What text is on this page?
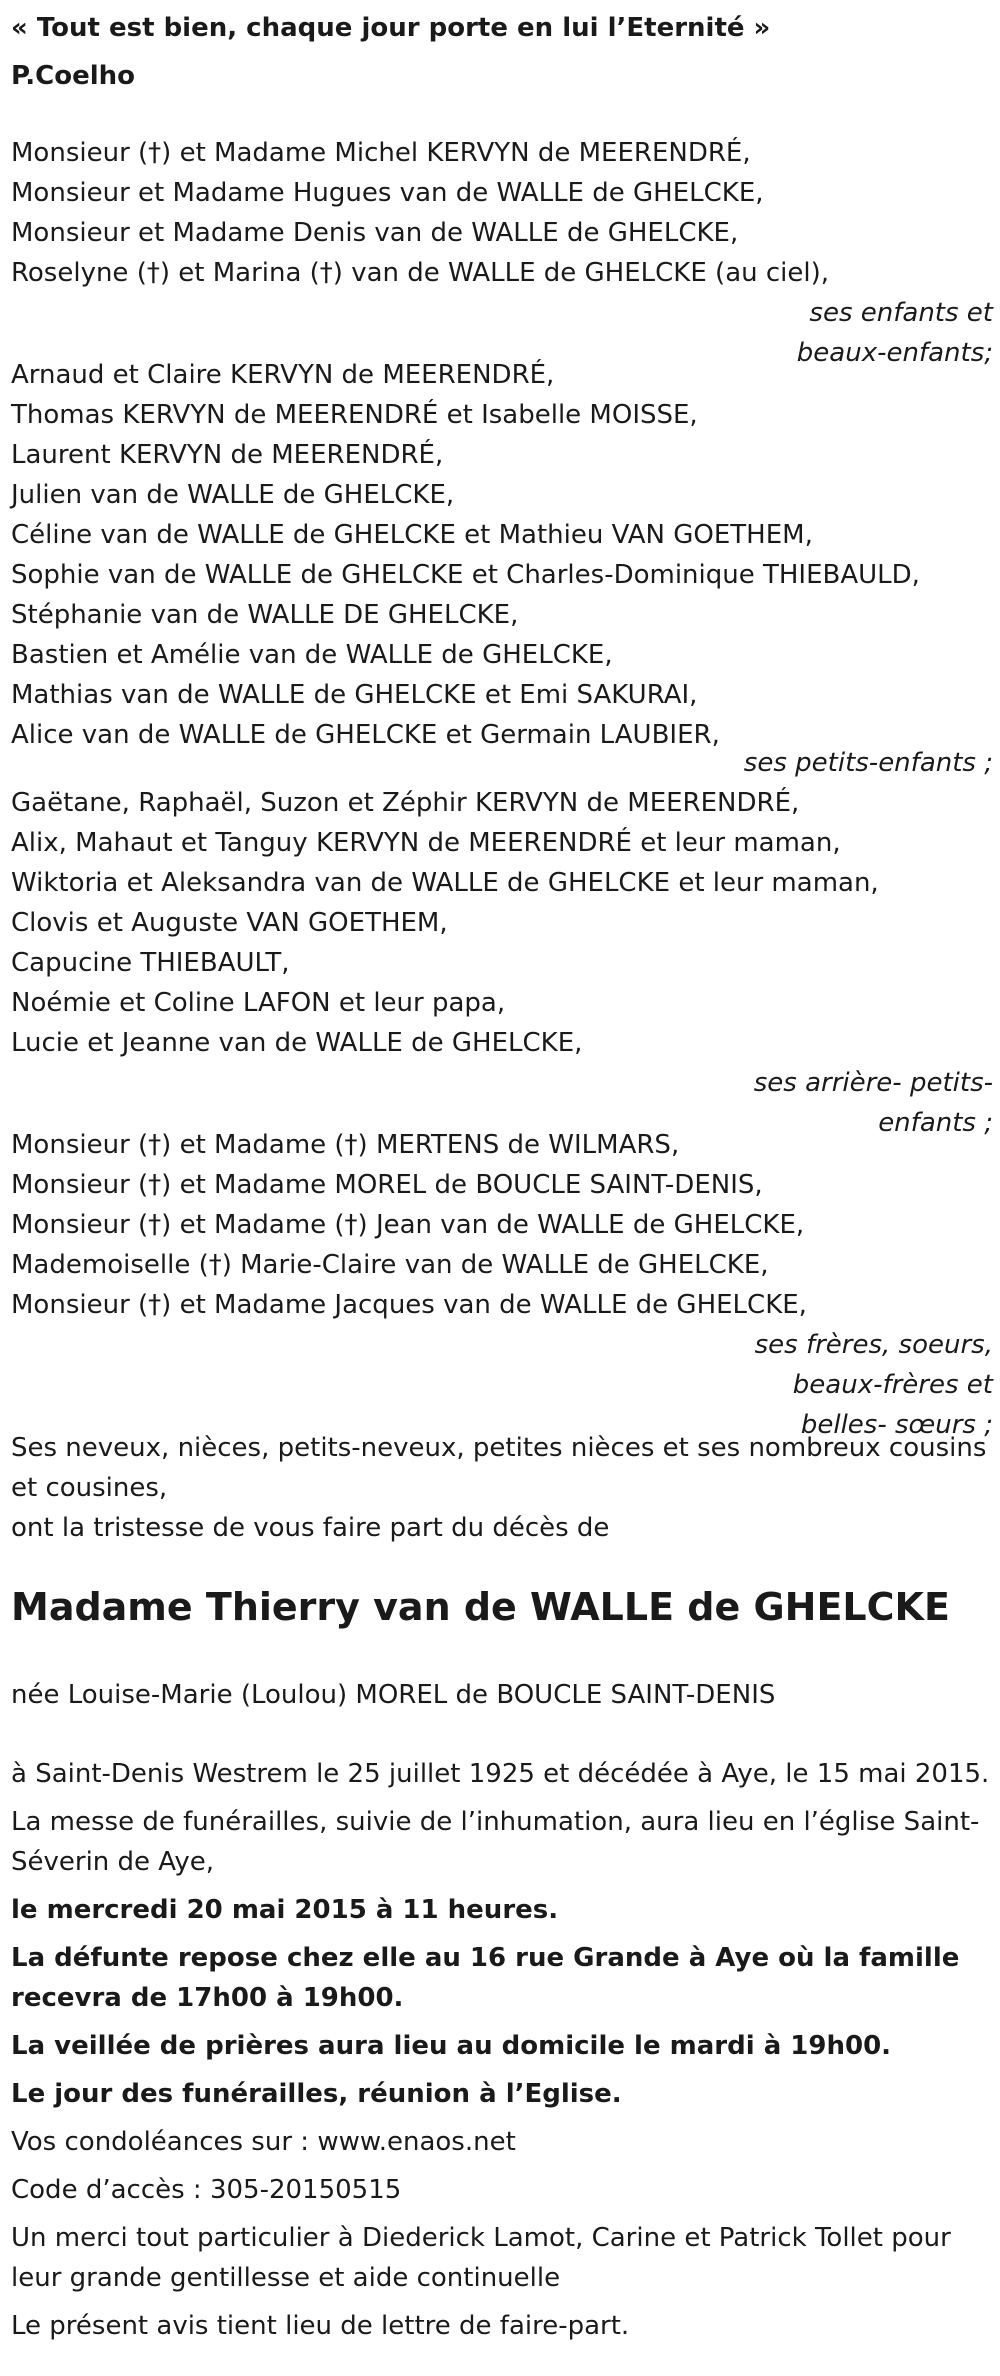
« Tout est bien, chaque jour porte en lui l’Eternité »
P.Coelho
Monsieur (†) et Madame Michel KERVYN de MEERENDRÉ,
Monsieur et Madame Hugues van de WALLE de GHELCKE,
Monsieur et Madame Denis van de WALLE de GHELCKE,
Roselyne (†) et Marina (†) van de WALLE de GHELCKE (au ciel),
ses enfants et
beaux-enfants;
Arnaud et Claire KERVYN de MEERENDRÉ,
Thomas KERVYN de MEERENDRÉ et Isabelle MOISSE,
Laurent KERVYN de MEERENDRÉ,
Julien van de WALLE de GHELCKE,
Céline van de WALLE de GHELCKE et Mathieu VAN GOETHEM,
Sophie van de WALLE de GHELCKE et Charles-Dominique THIEBAULD,
Stéphanie van de WALLE DE GHELCKE,
Bastien et Amélie van de WALLE de GHELCKE,
Mathias van de WALLE de GHELCKE et Emi SAKURAI,
Alice van de WALLE de GHELCKE et Germain LAUBIER,
ses petits-enfants ;
Gaëtane, Raphaël, Suzon et Zéphir KERVYN de MEERENDRÉ,
Alix, Mahaut et Tanguy KERVYN de MEERENDRÉ et leur maman,
Wiktoria et Aleksandra van de WALLE de GHELCKE et leur maman,
Clovis et Auguste VAN GOETHEM,
Capucine THIEBAULT,
Noémie et Coline LAFON et leur papa,
Lucie et Jeanne van de WALLE de GHELCKE,
ses arrière- petits-
enfants ;
Monsieur (†) et Madame (†) MERTENS de WILMARS,
Monsieur (†) et Madame MOREL de BOUCLE SAINT-DENIS,
Monsieur (†) et Madame (†) Jean van de WALLE de GHELCKE,
Mademoiselle (†) Marie-Claire van de WALLE de GHELCKE,
Monsieur (†) et Madame Jacques van de WALLE de GHELCKE,
ses frères, soeurs,
beaux-frères et
belles- sœurs ;
Ses neveux, nièces, petits-neveux, petites nièces et ses nombreux cousins
et cousines,
ont la tristesse de vous faire part du décès de
Madame Thierry van de WALLE de GHELCKE
née Louise-Marie (Loulou) MOREL de BOUCLE SAINT-DENIS
à Saint-Denis Westrem le 25 juillet 1925 et décédée à Aye, le 15 mai 2015.
La messe de funérailles, suivie de l’inhumation, aura lieu en l’église Saint-
Séverin de Aye,
le mercredi 20 mai 2015 à 11 heures.
La défunte repose chez elle au 16 rue Grande à Aye où la famille
recevra de 17h00 à 19h00.
La veillée de prières aura lieu au domicile le mardi à 19h00.
Le jour des funérailles, réunion à l’Eglise.
Vos condoléances sur : www.enaos.net
Code d’accès : 305-20150515
Un merci tout particulier à Diederick Lamot, Carine et Patrick Tollet pour
leur grande gentillesse et aide continuelle
Le présent avis tient lieu de lettre de faire-part.
